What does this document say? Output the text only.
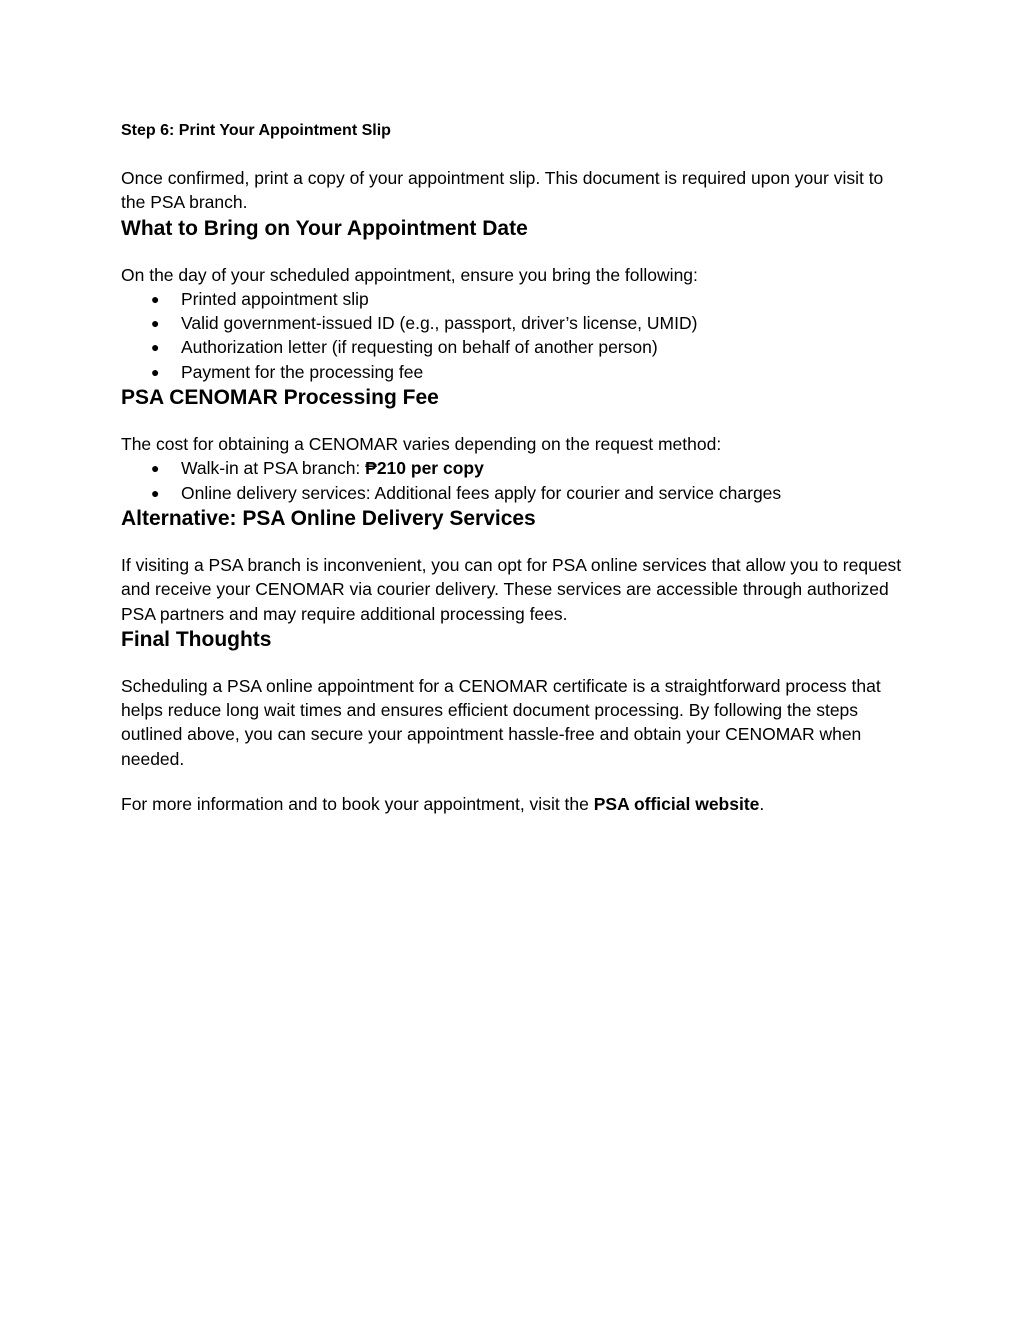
Step 6: Print Your Appointment Slip

Once confirmed, print a copy of your appointment slip. This document is required upon your visit to the PSA branch.

What to Bring on Your Appointment Date

On the day of your scheduled appointment, ensure you bring the following:

● Printed appointment slip
● Valid government-issued ID (e.g., passport, driver’s license, UMID)
● Authorization letter (if requesting on behalf of another person)
● Payment for the processing fee
PSA CENOMAR Processing Fee

The cost for obtaining a CENOMAR varies depending on the request method:

● Walk-in at PSA branch: ₱210 per copy
● Online delivery services: Additional fees apply for courier and service charges
Alternative: PSA Online Delivery Services

If visiting a PSA branch is inconvenient, you can opt for PSA online services that allow you to request and receive your CENOMAR via courier delivery. These services are accessible through authorized PSA partners and may require additional processing fees.

Final Thoughts

Scheduling a PSA online appointment for a CENOMAR certificate is a straightforward process that helps reduce long wait times and ensures efficient document processing. By following the steps outlined above, you can secure your appointment hassle-free and obtain your CENOMAR when needed.

For more information and to book your appointment, visit the PSA official website.
